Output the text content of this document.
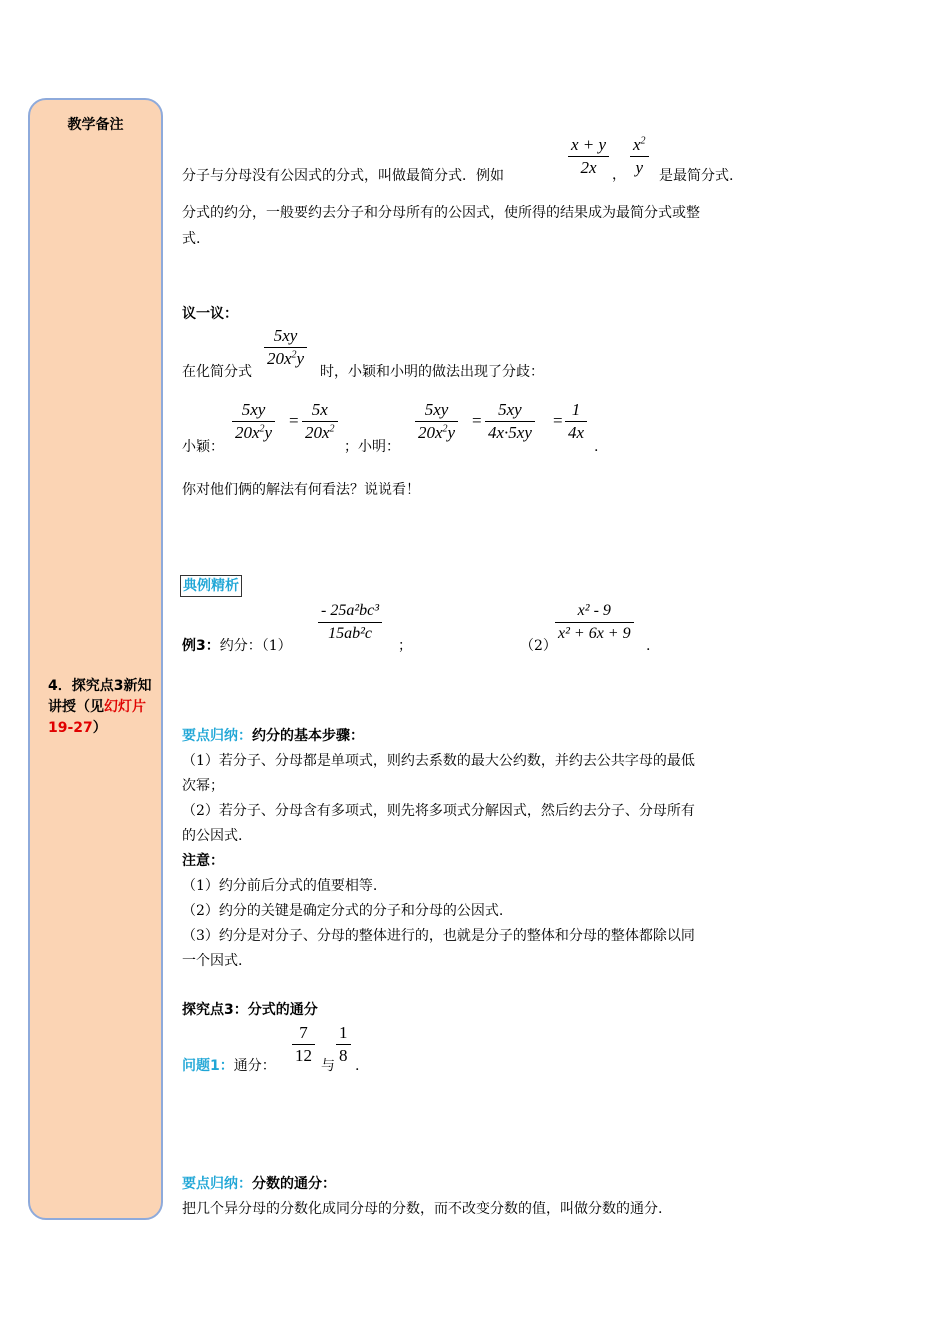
教学备注
4．探究点3新知讲授（见幻灯片19-27）
$\frac{x + y}{2x}$ ， $\frac{x^2}{y}$
分子与分母没有公因式的分式，叫做最简分式．例如	是最简分式.
分式的约分，一般要约去分子和分母所有的公因式，使所得的结果成为最简分式或整
式.
议一议：
在化简分式
$\frac{5xy}{20x^2y}$
时，小颖和小明的做法出现了分歧：
小颖：
$\frac{5xy}{20x^2y} = \frac{5x}{20x^2}$
；小明：
$\frac{5xy}{20x^2y} = \frac{5xy}{4x\cdot 5xy} = \frac{1}{4x}$
.
你对他们俩的解法有何看法？说说看！
典例精析
例3：约分：（1）
$\frac{\text{- 25a²bc³}}{\text{15ab²c}}$
；	（2）
$\frac{\text{x² - 9}}{\text{x² + 6x + 9}}$
.
要点归纳：约分的基本步骤：
（1）若分子、分母都是单项式，则约去系数的最大公约数，并约去公共字母的最低
次幂；
（2）若分子、分母含有多项式，则先将多项式分解因式，然后约去分子、分母所有
的公因式.
注意：
（1）约分前后分式的值要相等.
（2）约分的关键是确定分式的分子和分母的公因式.
（3）约分是对分子、分母的整体进行的，也就是分子的整体和分母的整体都除以同
一个因式.
探究点3：分式的通分
问题1：通分： $\frac{7}{12}$ 与 $\frac{1}{8}$ .
要点归纳：分数的通分：
把几个异分母的分数化成同分母的分数，而不改变分数的值，叫做分数的通分.
